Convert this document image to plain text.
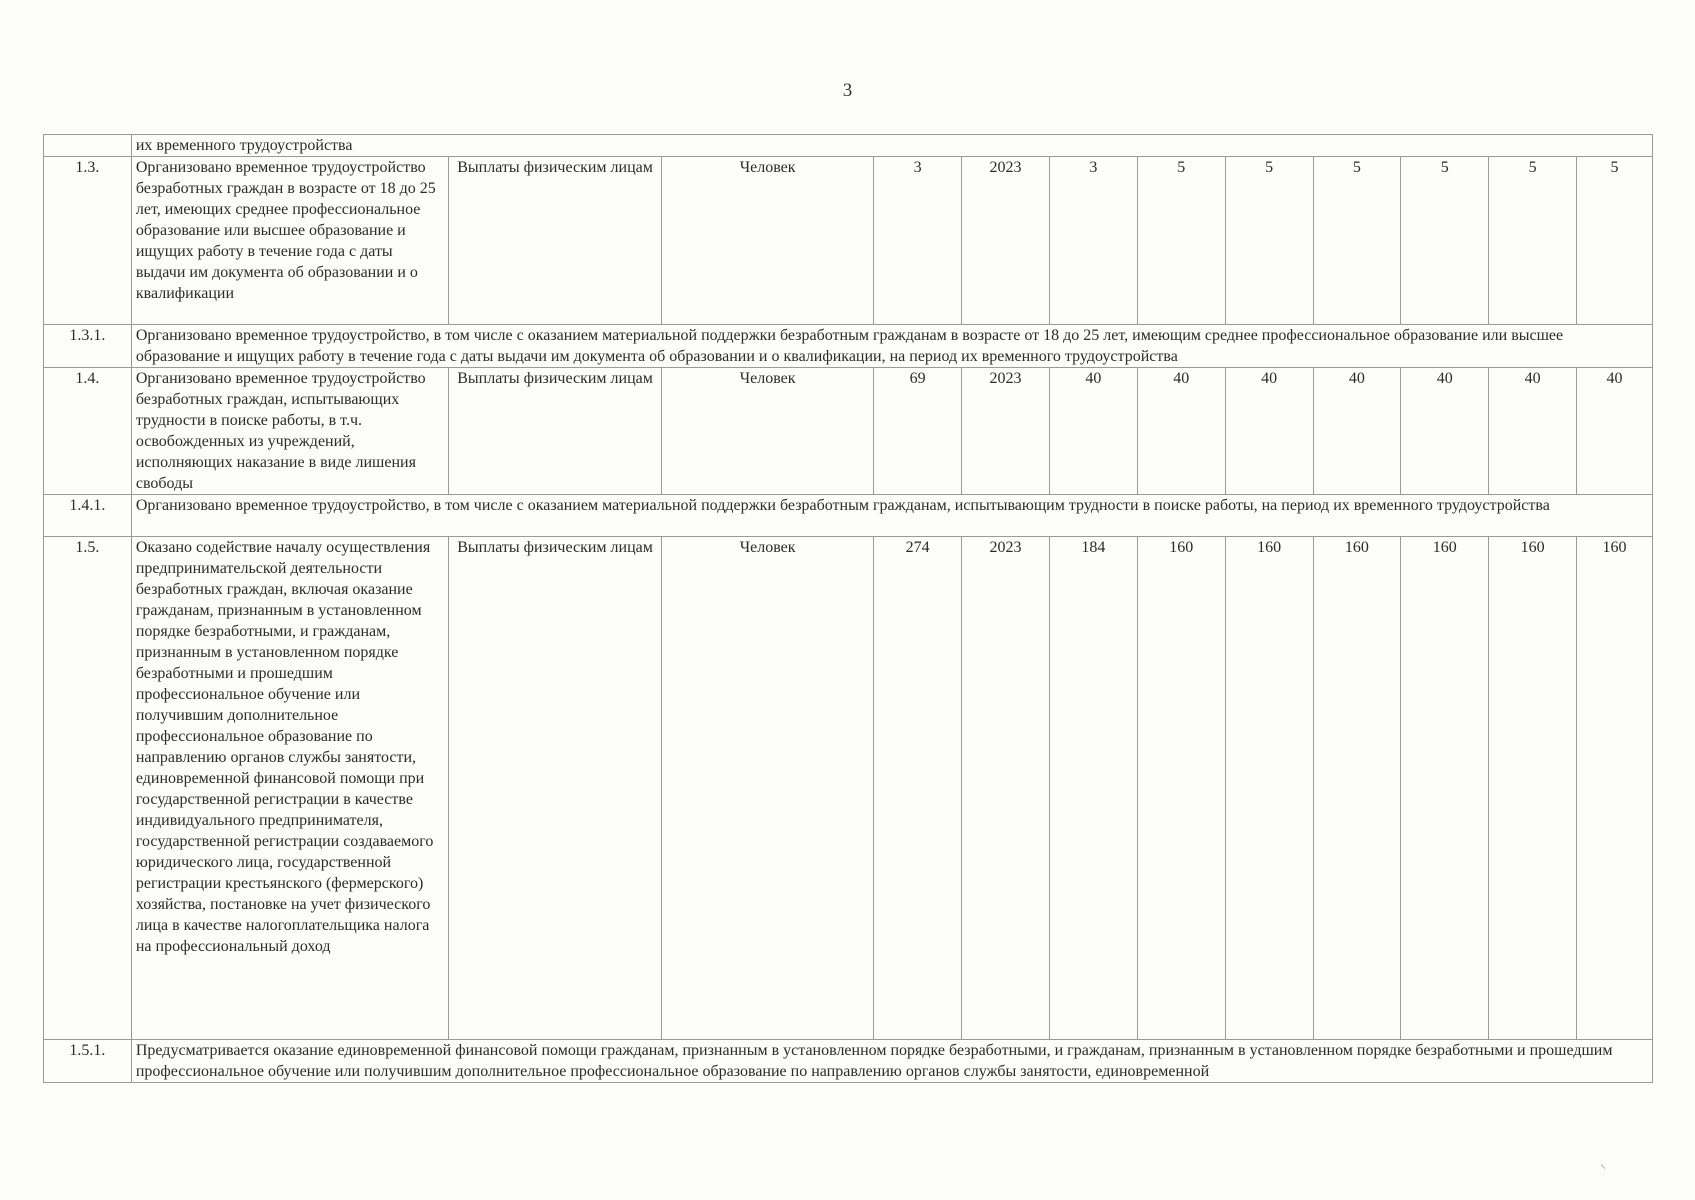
3
	их временного трудоустройства											
1.3.	Организовано временное трудоустройство безработных граждан в возрасте от 18 до 25 лет, имеющих среднее профессиональное образование или высшее образование и ищущих работу в течение года с даты выдачи им документа об образовании и о квалификации	Выплаты физическим лицам	Человек	3	2023	3	5	5	5	5	5	5
1.3.1.	Организовано временное трудоустройство, в том числе с оказанием материальной поддержки безработным гражданам в возрасте от 18 до 25 лет, имеющим среднее профессиональное образование или высшее образование и ищущих работу в течение года с даты выдачи им документа об образовании и о квалификации, на период их временного трудоустройства											
1.4.	Организовано временное трудоустройство безработных граждан, испытывающих трудности в поиске работы, в т.ч. освобожденных из учреждений, исполняющих наказание в виде лишения свободы	Выплаты физическим лицам	Человек	69	2023	40	40	40	40	40	40	40
1.4.1.	Организовано временное трудоустройство, в том числе с оказанием материальной поддержки безработным гражданам, испытывающим трудности в поиске работы, на период их временного трудоустройства											
1.5.	Оказано содействие началу осуществления предпринимательской деятельности безработных граждан, включая оказание гражданам, признанным в установленном порядке безработными, и гражданам, признанным в установленном порядке безработными и прошедшим профессиональное обучение или получившим дополнительное профессиональное образование по направлению органов службы занятости, единовременной финансовой помощи при государственной регистрации в качестве индивидуального предпринимателя, государственной регистрации создаваемого юридического лица, государственной регистрации крестьянского (фермерского) хозяйства, постановке на учет физического лица в качестве налогоплательщика налога на профессиональный доход	Выплаты физическим лицам	Человек	274	2023	184	160	160	160	160	160	160
1.5.1.	Предусматривается оказание единовременной финансовой помощи гражданам, признанным в установленном порядке безработными, и гражданам, признанным в установленном порядке безработными и прошедшим профессиональное обучение или получившим дополнительное профессиональное образование по направлению органов службы занятости, единовременной											
⸌
